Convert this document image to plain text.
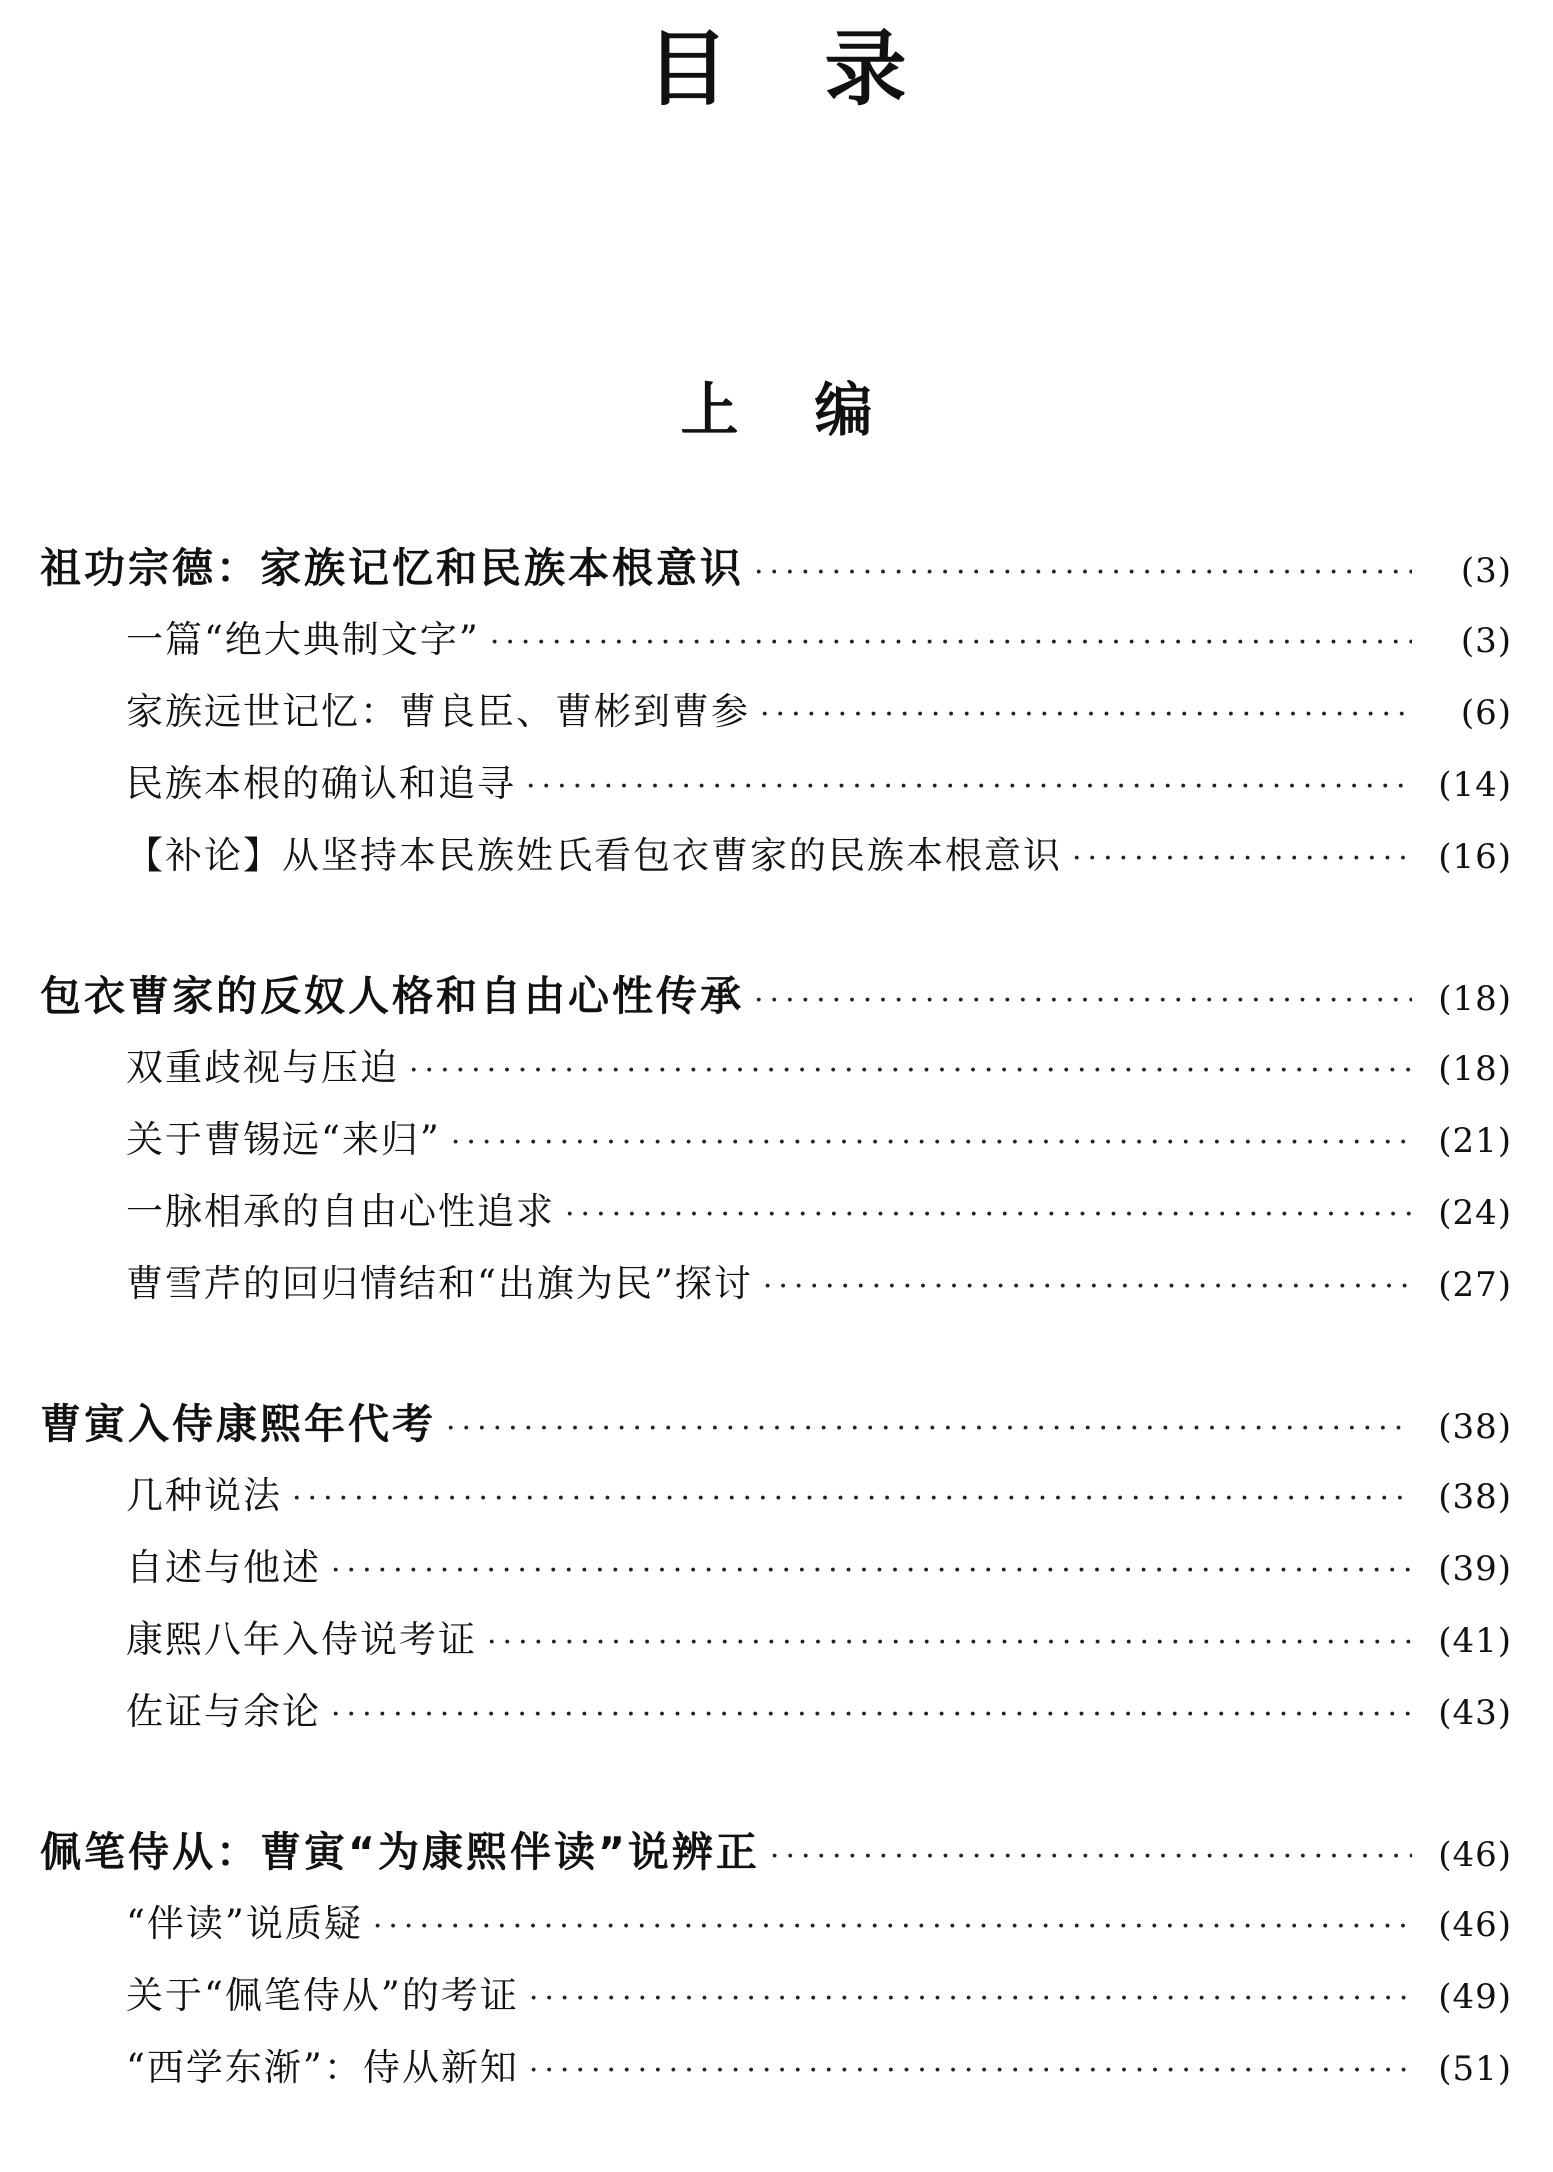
目录
上编
祖功宗德：家族记忆和民族本根意识 ·····	(3)
一篇“绝大典制文字” ·····	(3)
家族远世记忆：曹良臣、曹彬到曹参 ·····	(6)
民族本根的确认和追寻 ·····	(14)
【补论】从坚持本民族姓氏看包衣曹家的民族本根意识 ·····	(16)
包衣曹家的反奴人格和自由心性传承 ·····	(18)
双重歧视与压迫 ·····	(18)
关于曹锡远“来归” ·····	(21)
一脉相承的自由心性追求 ·····	(24)
曹雪芹的回归情结和“出旗为民”探讨 ·····	(27)
曹寅入侍康熙年代考 ·····	(38)
几种说法 ·····	(38)
自述与他述 ·····	(39)
康熙八年入侍说考证 ·····	(41)
佐证与余论 ·····	(43)
佩笔侍从：曹寅“为康熙伴读”说辨正 ·····	(46)
“伴读”说质疑 ·····	(46)
关于“佩笔侍从”的考证 ·····	(49)
“西学东渐”：侍从新知 ·····	(51)
